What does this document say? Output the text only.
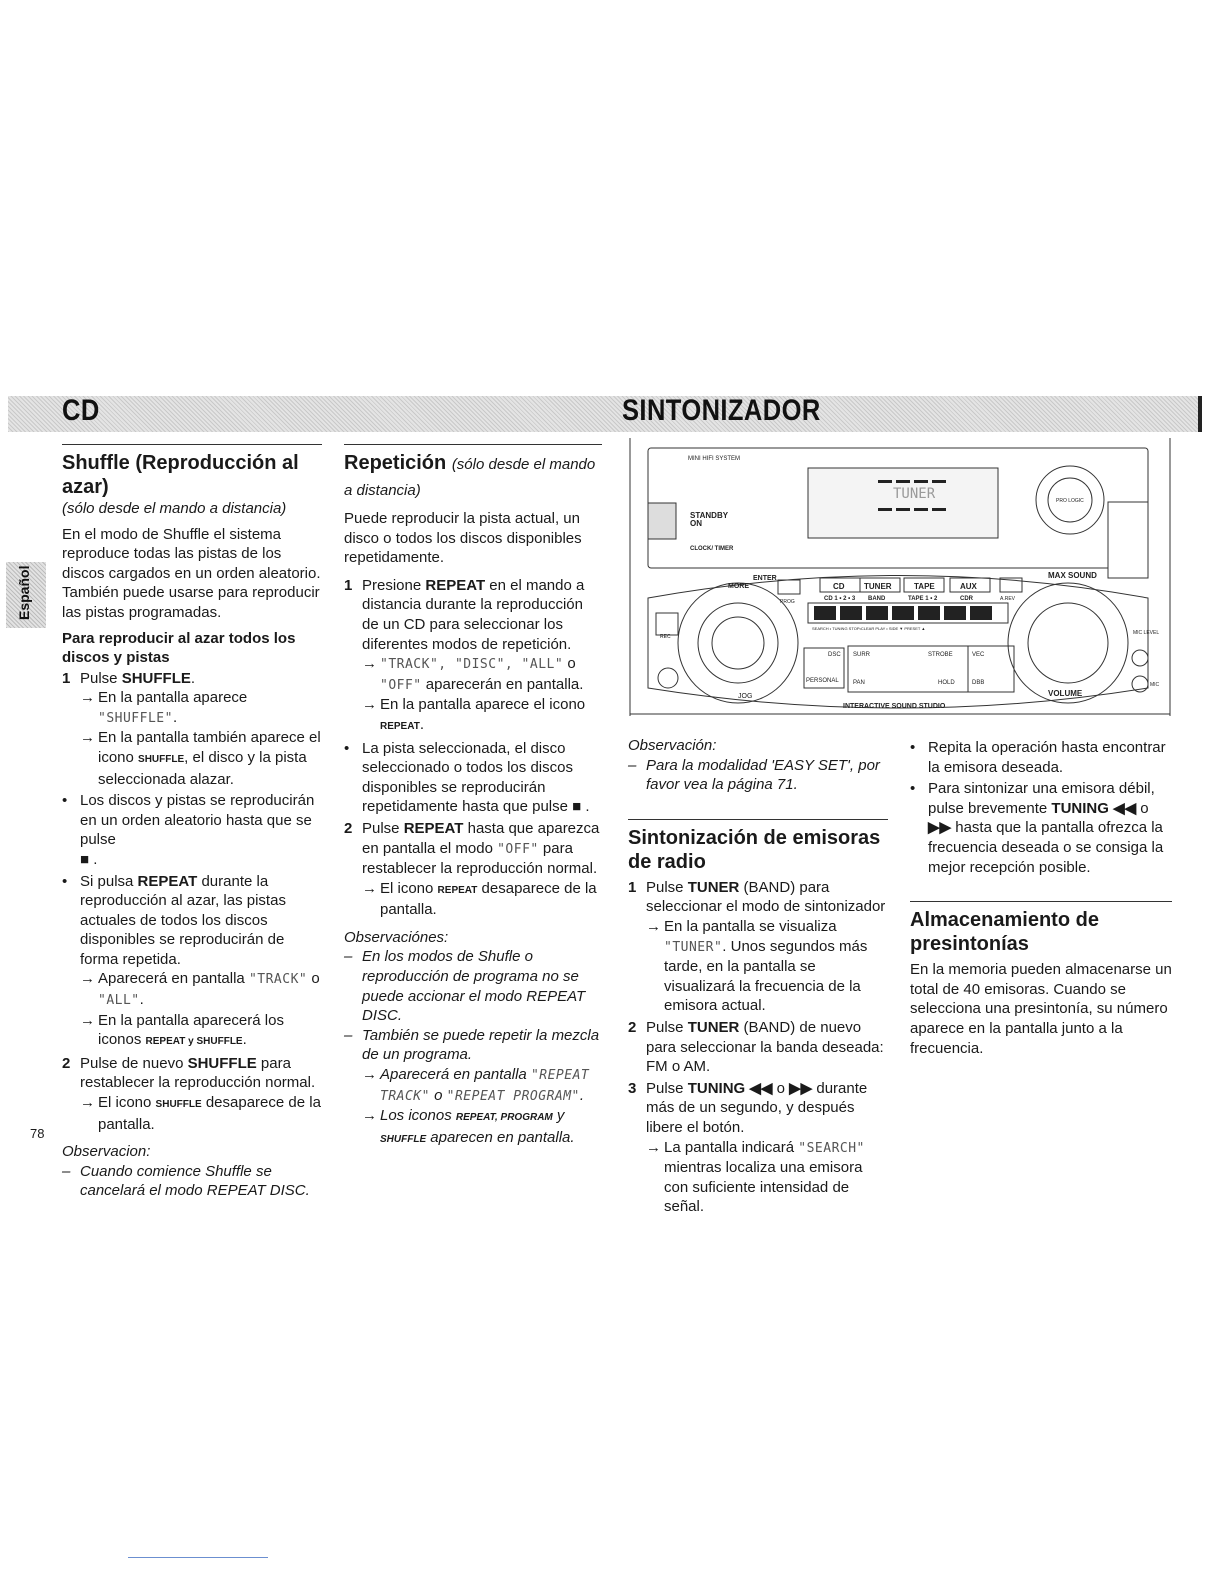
CD	SINTONIZADOR
Español
Shuffle (Reproducción al azar)

(sólo desde el mando a distancia)

En el modo de Shuffle el sistema reproduce todas las pistas de los discos cargados en un orden aleatorio. También puede usarse para reproducir las pistas programadas.

Para reproducir al azar todos los discos y pistas
1 Pulse SHUFFLE.
→ En la pantalla aparece "SHUFFLE".
→ En la pantalla también aparece el icono SHUFFLE, el disco y la pista seleccionada alazar.
• Los discos y pistas se reproducirán en un orden aleatorio hasta que se pulse
■ .
• Si pulsa REPEAT durante la reproducción al azar, las pistas actuales de todos los discos disponibles se reproducirán de forma repetida.
→ Aparecerá en pantalla "TRACK" o "ALL".
→ En la pantalla aparecerá los iconos REPEAT y SHUFFLE.
2 Pulse de nuevo SHUFFLE para restablecer la reproducción normal.
→ El icono SHUFFLE desaparece de la pantalla.

Observacion:

– Cuando comience Shuffle se cancelará el modo REPEAT DISC.
Repetición (sólo desde el mando a distancia)

Puede reproducir la pista actual, un disco o todos los discos disponibles repetidamente.

1 Presione REPEAT en el mando a distancia durante la reproducción de un CD para seleccionar los diferentes modos de repetición.
→ "TRACK", "DISC", "ALL" o "OFF" aparecerán en pantalla.
→ En la pantalla aparece el icono REPEAT.
• La pista seleccionada, el disco seleccionado o todos los discos disponibles se reproducirán repetidamente hasta que pulse ■ .
2 Pulse REPEAT hasta que aparezca en pantalla el modo "OFF" para restablecer la reproducción normal.
→ El icono REPEAT desaparece de la pantalla.

Observaciónes:

– En los modos de Shufle o reproducción de programa no se puede accionar el modo REPEAT DISC.
– También se puede repetir la mezcla de un programa.
→ Aparecerá en pantalla "REPEAT TRACK" o "REPEAT PROGRAM".
→ Los iconos REPEAT, PROGRAM y SHUFFLE aparecen en pantalla.
MINI HIFI SYSTEM
STANDBY
ON
CLOCK/ TIMER
TUNER
MORE
ENTER
PROG
CD
CD 1 • 2 • 3
TUNER
BAND
TAPE
TAPE 1 • 2
AUX
CDR	A.REV
MAX SOUND
PRO LOGIC
SEARCH • TUNING STOP•CLEAR PLAY • SIDE ▼ PRESET ▲
DSC SURR	STROBE	VEC
PERSONAL PAN	HOLD	DBB
JOG	VOLUME
MIC LEVEL
MIC
REC
INTERACTIVE SOUND STUDIO

Observación:

– Para la modalidad 'EASY SET', por favor vea la página 71.
Sintonización de emisoras de radio
1 Pulse TUNER (BAND) para seleccionar el modo de sintonizador
→ En la pantalla se visualiza "TUNER". Unos segundos más tarde, en la pantalla se visualizará la frecuencia de la emisora actual.
2 Pulse TUNER (BAND) de nuevo para seleccionar la banda deseada: FM o AM.
3 Pulse TUNING ◀◀ o ▶▶ durante más de un segundo, y después libere el botón.
→ La pantalla indicará "SEARCH" mientras localiza una emisora con suficiente intensidad de señal.
• Repita la operación hasta encontrar la emisora deseada.
• Para sintonizar una emisora débil, pulse brevemente TUNING ◀◀ o ▶▶ hasta que la pantalla ofrezca la frecuencia deseada o se consiga la mejor recepción posible.
Almacenamiento de presintonías

En la memoria pueden almacenarse un total de 40 emisoras. Cuando se selecciona una presintonía, su número aparece en la pantalla junto a la frecuencia.

78
